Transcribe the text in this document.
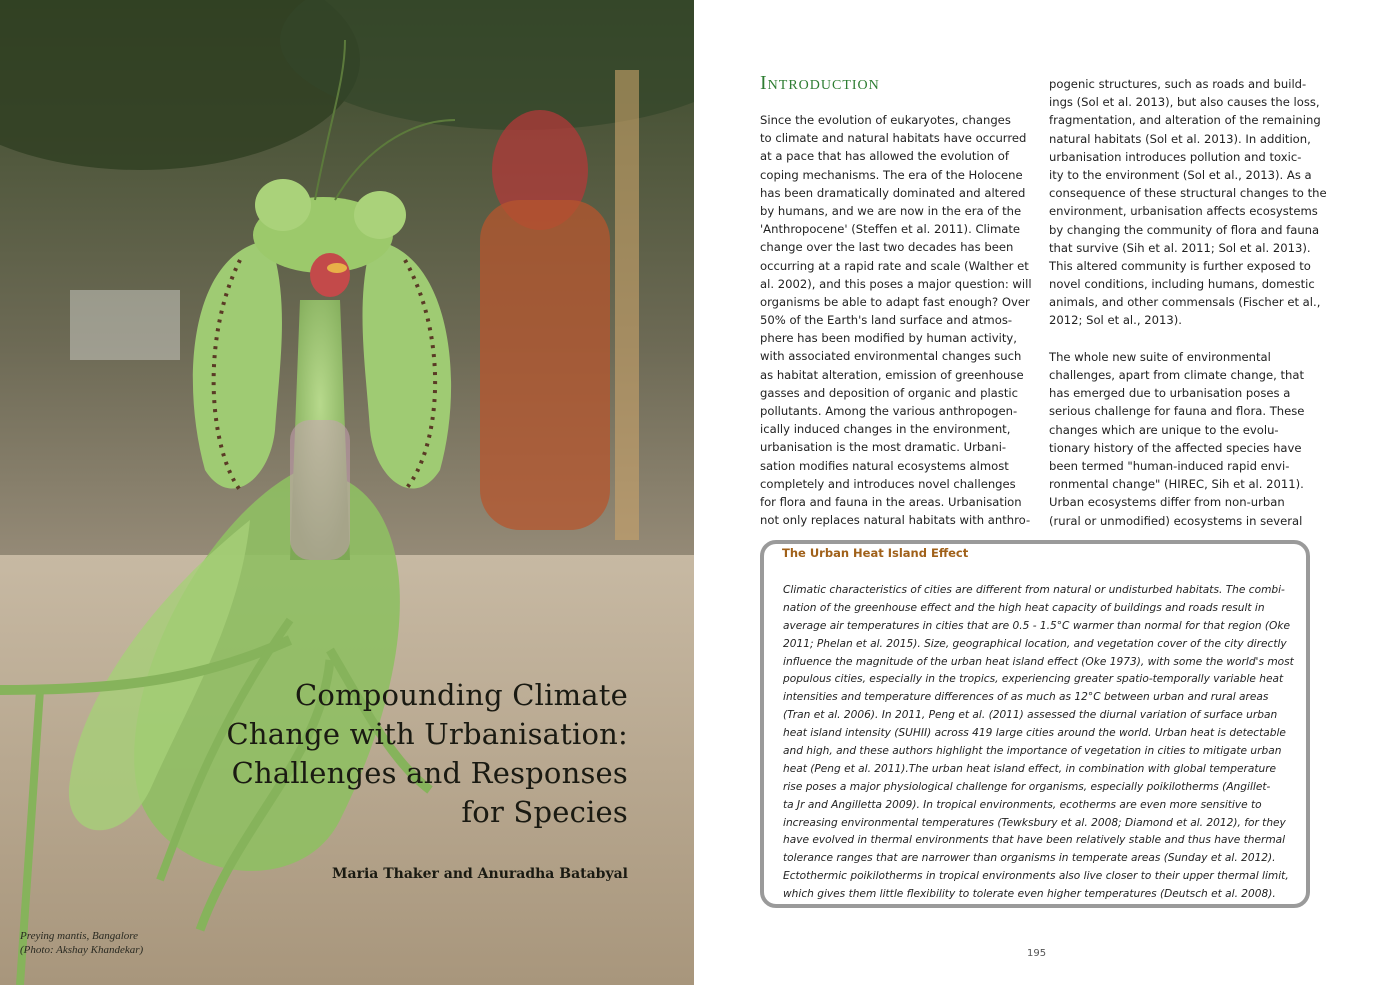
Compounding Climate
Change with Urbanisation:
Challenges and Responses
for Species
Maria Thaker and Anuradha Batabyal
Preying mantis, Bangalore
(Photo: Akshay Khandekar)
Introduction
Since the evolution of eukaryotes, changes
to climate and natural habitats have occurred
at a pace that has allowed the evolution of
coping mechanisms. The era of the Holocene
has been dramatically dominated and altered
by humans, and we are now in the era of the
'Anthropocene' (Steffen et al. 2011). Climate
change over the last two decades has been
occurring at a rapid rate and scale (Walther et
al. 2002), and this poses a major question: will
organisms be able to adapt fast enough? Over
50% of the Earth's land surface and atmos-
phere has been modified by human activity,
with associated environmental changes such
as habitat alteration, emission of greenhouse
gasses and deposition of organic and plastic
pollutants. Among the various anthropogen-
ically induced changes in the environment,
urbanisation is the most dramatic. Urbani-
sation modifies natural ecosystems almost
completely and introduces novel challenges
for flora and fauna in the areas. Urbanisation
not only replaces natural habitats with anthro-
pogenic structures, such as roads and build-
ings (Sol et al. 2013), but also causes the loss,
fragmentation, and alteration of the remaining
natural habitats (Sol et al. 2013). In addition,
urbanisation introduces pollution and toxic-
ity to the environment (Sol et al., 2013). As a
consequence of these structural changes to the
environment, urbanisation affects ecosystems
by changing the community of flora and fauna
that survive (Sih et al. 2011; Sol et al. 2013).
This altered community is further exposed to
novel conditions, including humans, domestic
animals, and other commensals (Fischer et al.,
2012; Sol et al., 2013).
The whole new suite of environmental
challenges, apart from climate change, that
has emerged due to urbanisation poses a
serious challenge for fauna and flora. These
changes which are unique to the evolu-
tionary history of the affected species have
been termed "human-induced rapid envi-
ronmental change" (HIREC, Sih et al. 2011).
Urban ecosystems differ from non-urban
(rural or unmodified) ecosystems in several
The Urban Heat Island Effect
Climatic characteristics of cities are different from natural or undisturbed habitats. The combi-
nation of the greenhouse effect and the high heat capacity of buildings and roads result in
average air temperatures in cities that are 0.5 - 1.5°C warmer than normal for that region (Oke
2011; Phelan et al. 2015). Size, geographical location, and vegetation cover of the city directly
influence the magnitude of the urban heat island effect (Oke 1973), with some the world's most
populous cities, especially in the tropics, experiencing greater spatio-temporally variable heat
intensities and temperature differences of as much as 12°C between urban and rural areas
(Tran et al. 2006). In 2011, Peng et al. (2011) assessed the diurnal variation of surface urban
heat island intensity (SUHII) across 419 large cities around the world. Urban heat is detectable
and high, and these authors highlight the importance of vegetation in cities to mitigate urban
heat (Peng et al. 2011).The urban heat island effect, in combination with global temperature
rise poses a major physiological challenge for organisms, especially poikilotherms (Angillet-
ta Jr and Angilletta 2009). In tropical environments, ecotherms are even more sensitive to
increasing environmental temperatures (Tewksbury et al. 2008; Diamond et al. 2012), for they
have evolved in thermal environments that have been relatively stable and thus have thermal
tolerance ranges that are narrower than organisms in temperate areas (Sunday et al. 2012).
Ectothermic poikilotherms in tropical environments also live closer to their upper thermal limit,
which gives them little flexibility to tolerate even higher temperatures (Deutsch et al. 2008).
195
